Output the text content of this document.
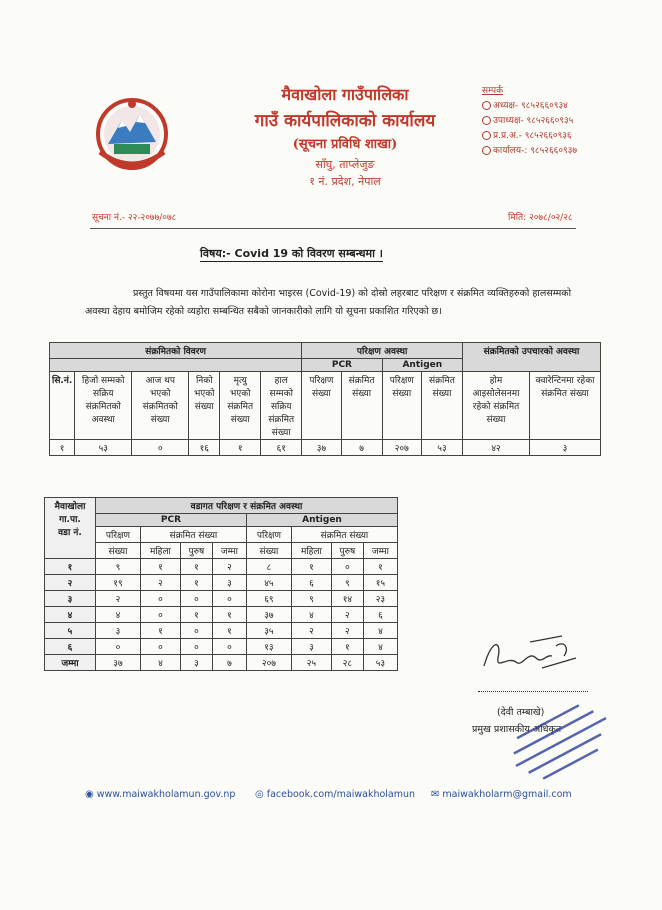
मैवाखोला गाउँपालिका
गाउँ कार्यपालिकाको कार्यालय
(सूचना प्रविधि शाखा)
साँघु, ताप्लेजुङ
१ नं. प्रदेश, नेपाल
सम्पर्क
अध्यक्ष- ९८५२६६०९३४
उपाध्यक्ष- ९८५२६६०९३५
प्र.प्र.अ.- ९८५२६६०९३६
कार्यालय-: ९८५२६६०९३७
सूचना नं.- २२-२०७७/०७८	मिति: २०७८/०२/२८
विषय:- Covid 19 को विवरण सम्बन्धमा ।
प्रस्तुत विषयमा यस गाउँपालिकामा कोरोना भाइरस (Covid-19) को दोस्रो लहरबाट परिक्षण र संक्रमित व्यक्तिहरुको हालसम्मको अवस्था देहाय बमोजिम रहेको व्यहोरा सम्बन्धित सबैको जानकारीको लागि यो सूचना प्रकाशित गरिएको छ।
संक्रमितको विवरण						परिक्षण अवस्था				संक्रमितको उपचारको अवस्था	
						PCR		Antigen			
सि.नं.	हिजो सम्मको सक्रिय संक्रमितको अवस्था	आज थप भएको संक्रमितको संख्या	निको भएको संख्या	मृत्यु भएको संक्रमित संख्या	हाल सम्मको सक्रिय संक्रमित संख्या	परिक्षण संख्या	संक्रमित संख्या	परिक्षण संख्या	संक्रमित संख्या	होम आइसोलेसनमा रहेको संक्रमित संख्या	क्वारेन्टिनमा रहेका संक्रमित संख्या
१	५३	०	१६	१	६१	३७	७	२०७	५३	४२	३
मैवाखोला
गा.पा.
वडा नं.	वडागत परिक्षण र संक्रमित अवस्था							
	PCR				Antigen			
	परिक्षण	संक्रमित संख्या			परिक्षण	संक्रमित संख्या		
	संख्या	महिला	पुरुष	जम्मा	संख्या	महिला	पुरुष	जम्मा
१	९	१	१	२	८	१	०	१
२	१९	२	१	३	४५	६	९	१५
३	२	०	०	०	६९	९	१४	२३
४	४	०	१	१	३७	४	२	६
५	३	१	०	१	३५	२	२	४
६	०	०	०	०	१३	३	१	४
जम्मा	३७	४	३	७	२०७	२५	२८	५३
(देवी तम्बाखे)
प्रमुख प्रशासकीय अधिकृत
◉ www.maiwakholamun.gov.np ◎ facebook.com/maiwakholamun ✉ maiwakholarm@gmail.com
